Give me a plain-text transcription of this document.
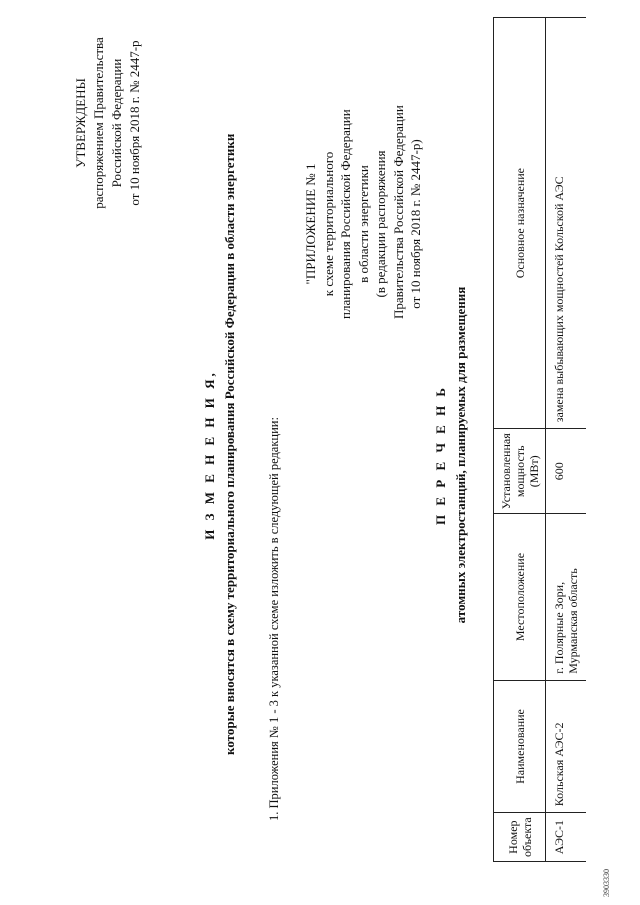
УТВЕРЖДЕНЫ распоряжением Правительства Российской Федерации от 10 ноября 2018 г. № 2447-р
И З М Е Н Е Н И Я, которые вносятся в схему территориального планирования Российской Федерации в области энергетики 1. Приложения № 1 - 3 к указанной схеме изложить в следующей редакции:
"ПРИЛОЖЕНИЕ № 1 к схеме территориального планирования Российской Федерации в области энергетики (в редакции распоряжения Правительства Российской Федерации от 10 ноября 2018 г. № 2447-р)
П Е Р Е Ч Е Н Ь атомных электростанций, планируемых для размещения
Номер объекта	Наименование	Местоположение	Установленная мощность (МВт)	Основное назначение
АЭС-1	Кольская АЭС-2	г. Полярные Зори, Мурманская область	600	замена выбывающих мощностей Кольской АЭС
3903330
